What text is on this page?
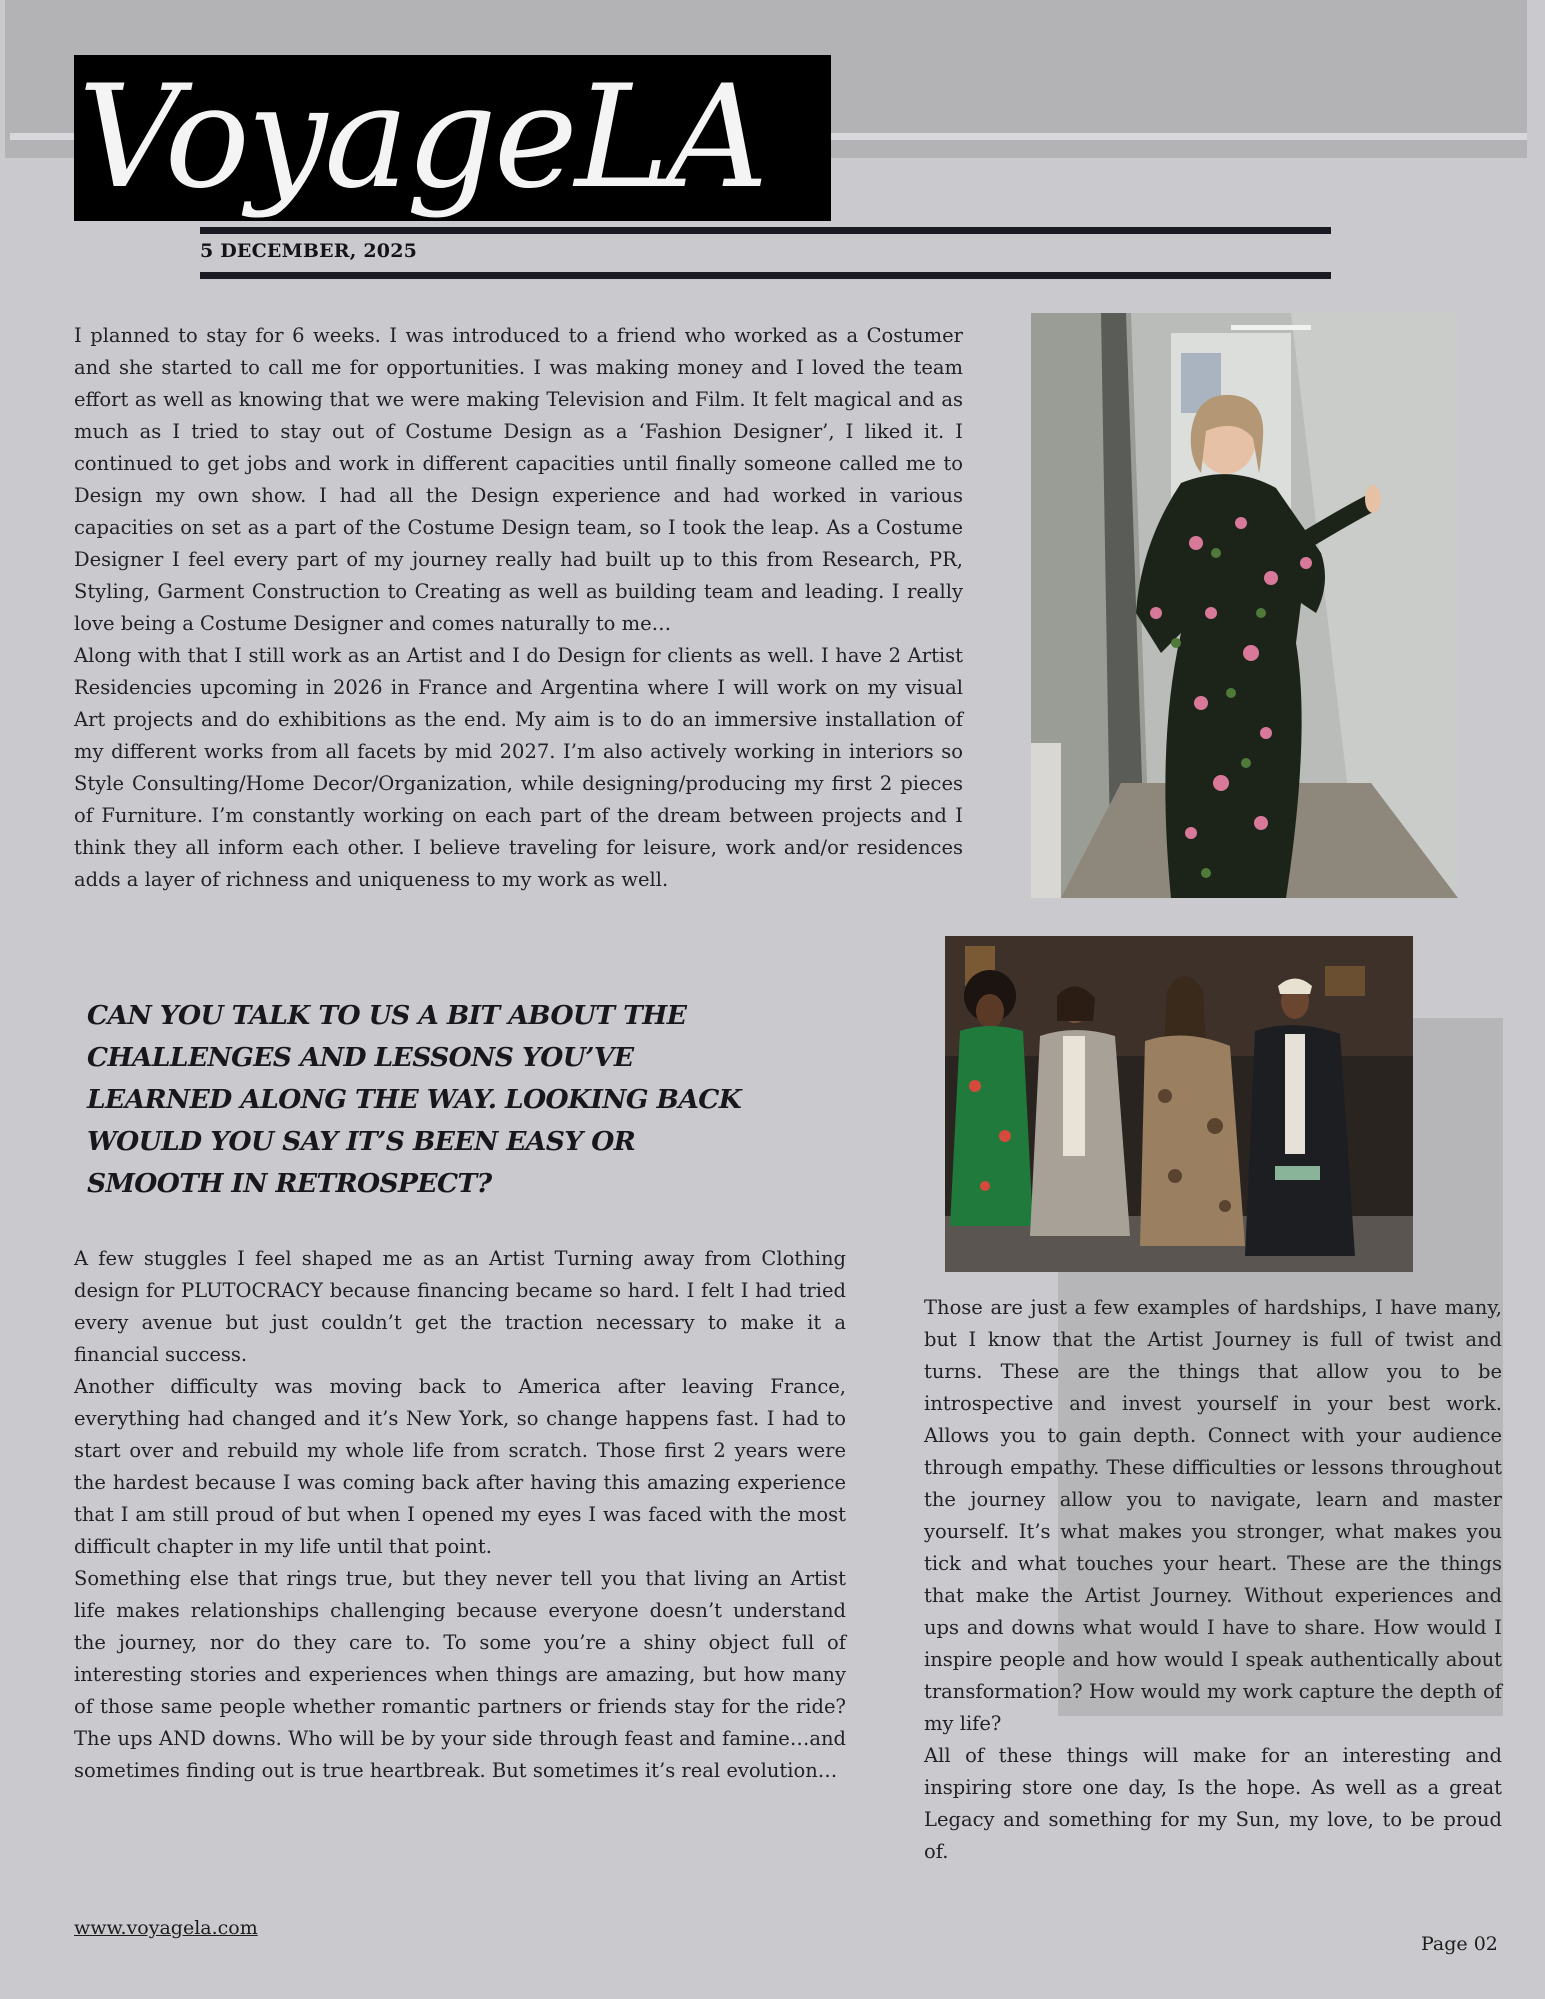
VoyageLA
5 DECEMBER, 2025

I planned to stay for 6 weeks. I was introduced to a friend who worked as a Costumer and she started to call me for opportunities. I was making money and I loved the team effort as well as knowing that we were making Television and Film. It felt magical and as much as I tried to stay out of Costume Design as a ‘Fashion Designer’, I liked it. I continued to get jobs and work in different capacities until finally someone called me to Design my own show. I had all the Design experience and had worked in various capacities on set as a part of the Costume Design team, so I took the leap. As a Costume Designer I feel every part of my journey really had built up to this from Research, PR, Styling, Garment Construction to Creating as well as building team and leading. I really love being a Costume Designer and comes naturally to me…

Along with that I still work as an Artist and I do Design for clients as well. I have 2 Artist Residencies upcoming in 2026 in France and Argentina where I will work on my visual Art projects and do exhibitions as the end. My aim is to do an immersive installation of my different works from all facets by mid 2027. I’m also actively working in interiors so Style Consulting/Home Decor/Organization, while designing/producing my first 2 pieces of Furniture. I’m constantly working on each part of the dream between projects and I think they all inform each other. I believe traveling for leisure, work and/or residences adds a layer of richness and uniqueness to my work as well.

CAN YOU TALK TO US A BIT ABOUT THE CHALLENGES AND LESSONS YOU’VE LEARNED ALONG THE WAY. LOOKING BACK WOULD YOU SAY IT’S BEEN EASY OR SMOOTH IN RETROSPECT?

A few stuggles I feel shaped me as an Artist Turning away from Clothing design for PLUTOCRACY because financing became so hard. I felt I had tried every avenue but just couldn’t get the traction necessary to make it a financial success.

Another difficulty was moving back to America after leaving France, everything had changed and it’s New York, so change happens fast. I had to start over and rebuild my whole life from scratch. Those first 2 years were the hardest because I was coming back after having this amazing experience that I am still proud of but when I opened my eyes I was faced with the most difficult chapter in my life until that point.

Something else that rings true, but they never tell you that living an Artist life makes relationships challenging because everyone doesn’t understand the journey, nor do they care to. To some you’re a shiny object full of interesting stories and experiences when things are amazing, but how many of those same people whether romantic partners or friends stay for the ride? The ups AND downs. Who will be by your side through feast and famine…and sometimes finding out is true heartbreak. But sometimes it’s real evolution…

Those are just a few examples of hardships, I have many, but I know that the Artist Journey is full of twist and turns. These are the things that allow you to be introspective and invest yourself in your best work. Allows you to gain depth. Connect with your audience through empathy. These difficulties or lessons throughout the journey allow you to navigate, learn and master yourself. It’s what makes you stronger, what makes you tick and what touches your heart. These are the things that make the Artist Journey. Without experiences and ups and downs what would I have to share. How would I inspire people and how would I speak authentically about transformation? How would my work capture the depth of my life?

All of these things will make for an interesting and inspiring store one day, Is the hope. As well as a great Legacy and something for my Sun, my love, to be proud of.

www.voyagela.com
Page 02
